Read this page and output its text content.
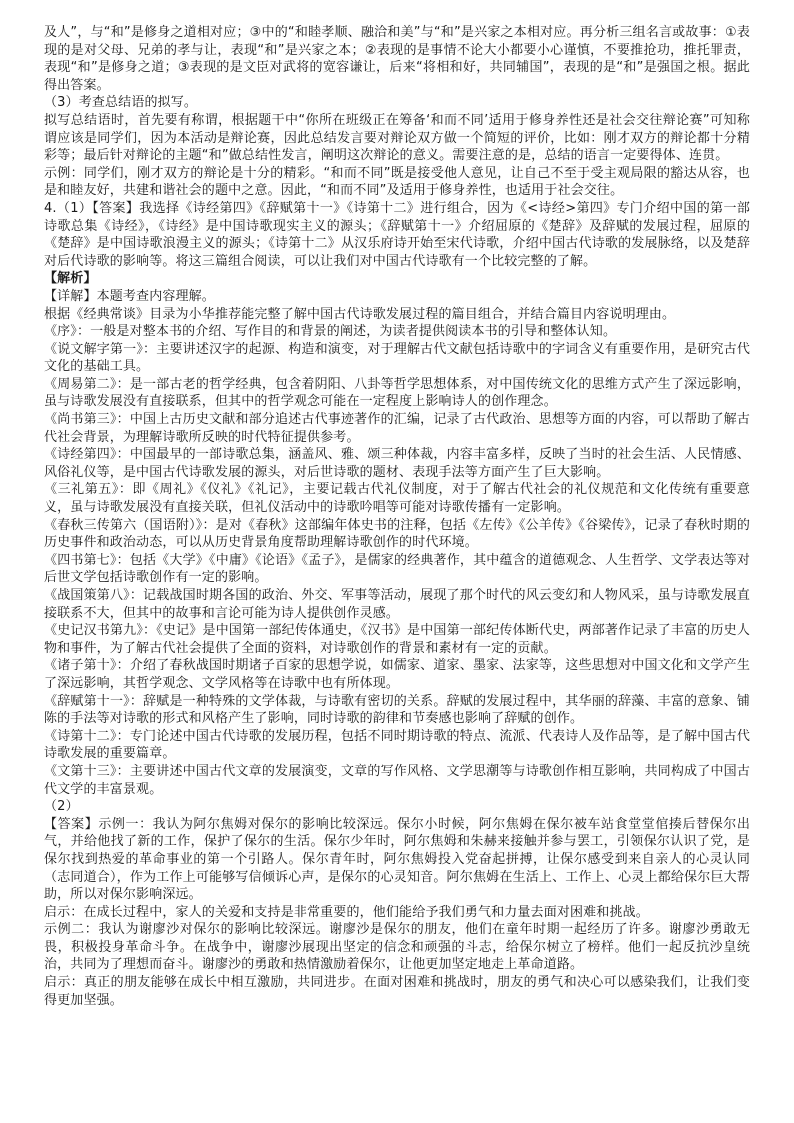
及人”，与“和”是修身之道相对应；③中的“和睦孝顺、融洽和美”与“和”是兴家之本相对应。再分析三组名言或故事：①表现的是对父母、兄弟的孝与让，表现“和”是兴家之本；②表现的是事情不论大小都要小心谨慎，不要推抢功，推托罪责，表现“和”是修身之道；③表现的是文臣对武将的宽容谦让，后来“将相和好，共同辅国”，表现的是“和”是强国之根。据此得出答案。

（3）考查总结语的拟写。

拟写总结语时，首先要有称谓，根据题干中“你所在班级正在筹备‘和而不同’适用于修身养性还是社会交往辩论赛”可知称谓应该是同学们，因为本活动是辩论赛，因此总结发言要对辩论双方做一个简短的评价，比如：刚才双方的辩论都十分精彩等；最后针对辩论的主题“和”做总结性发言，阐明这次辩论的意义。需要注意的是，总结的语言一定要得体、连贯。

示例：同学们，刚才双方的辩论是十分的精彩。“和而不同”既是接受他人意见，让自己不至于受主观局限的豁达从容，也是和睦友好，共建和谐社会的题中之意。因此，“和而不同”及适用于修身养性，也适用于社会交往。

4.（1）【答案】我选择《诗经第四》《辞赋第十一》《诗第十二》进行组合，因为《<诗经>第四》专门介绍中国的第一部诗歌总集《诗经》，《诗经》是中国诗歌现实主义的源头；《辞赋第十一》介绍屈原的《楚辞》及辞赋的发展过程，屈原的《楚辞》是中国诗歌浪漫主义的源头；《诗第十二》从汉乐府诗开始至宋代诗歌，介绍中国古代诗歌的发展脉络，以及楚辞对后代诗歌的影响等。将这三篇组合阅读，可以让我们对中国古代诗歌有一个比较完整的了解。

【解析】

【详解】本题考查内容理解。

根据《经典常谈》目录为小华推荐能完整了解中国古代诗歌发展过程的篇目组合，并结合篇目内容说明理由。

《序》：一般是对整本书的介绍、写作目的和背景的阐述，为读者提供阅读本书的引导和整体认知。

《说文解字第一》：主要讲述汉字的起源、构造和演变，对于理解古代文献包括诗歌中的字词含义有重要作用，是研究古代文化的基础工具。

《周易第二》：是一部古老的哲学经典，包含着阴阳、八卦等哲学思想体系，对中国传统文化的思维方式产生了深远影响，虽与诗歌发展没有直接联系，但其中的哲学观念可能在一定程度上影响诗人的创作理念。

《尚书第三》：中国上古历史文献和部分追述古代事迹著作的汇编，记录了古代政治、思想等方面的内容，可以帮助了解古代社会背景，为理解诗歌所反映的时代特征提供参考。

《诗经第四》：中国最早的一部诗歌总集，涵盖风、雅、颂三种体裁，内容丰富多样，反映了当时的社会生活、人民情感、风俗礼仪等，是中国古代诗歌发展的源头，对后世诗歌的题材、表现手法等方面产生了巨大影响。

《三礼第五》：即《周礼》《仪礼》《礼记》，主要记载古代礼仪制度，对于了解古代社会的礼仪规范和文化传统有重要意义，虽与诗歌发展没有直接关联，但礼仪活动中的诗歌吟唱等可能对诗歌传播有一定影响。

《春秋三传第六（国语附）》：是对《春秋》这部编年体史书的注释，包括《左传》《公羊传》《谷梁传》，记录了春秋时期的历史事件和政治动态，可以从历史背景角度帮助理解诗歌创作的时代环境。

《四书第七》：包括《大学》《中庸》《论语》《孟子》，是儒家的经典著作，其中蕴含的道德观念、人生哲学、文学表达等对后世文学包括诗歌创作有一定的影响。

《战国策第八》：记载战国时期各国的政治、外交、军事等活动，展现了那个时代的风云变幻和人物风采，虽与诗歌发展直接联系不大，但其中的故事和言论可能为诗人提供创作灵感。

《史记汉书第九》：《史记》是中国第一部纪传体通史，《汉书》是中国第一部纪传体断代史，两部著作记录了丰富的历史人物和事件，为了解古代社会提供了全面的资料，对诗歌创作的背景和素材有一定的贡献。

《诸子第十》：介绍了春秋战国时期诸子百家的思想学说，如儒家、道家、墨家、法家等，这些思想对中国文化和文学产生了深远影响，其哲学观念、文学风格等在诗歌中也有所体现。

《辞赋第十一》：辞赋是一种特殊的文学体裁，与诗歌有密切的关系。辞赋的发展过程中，其华丽的辞藻、丰富的意象、铺陈的手法等对诗歌的形式和风格产生了影响，同时诗歌的韵律和节奏感也影响了辞赋的创作。

《诗第十二》：专门论述中国古代诗歌的发展历程，包括不同时期诗歌的特点、流派、代表诗人及作品等，是了解中国古代诗歌发展的重要篇章。

《文第十三》：主要讲述中国古代文章的发展演变，文章的写作风格、文学思潮等与诗歌创作相互影响，共同构成了中国古代文学的丰富景观。

（2）

【答案】示例一：我认为阿尔焦姆对保尔的影响比较深远。保尔小时候，阿尔焦姆在保尔被车站食堂堂倌揍后替保尔出气，并给他找了新的工作，保护了保尔的生活。保尔少年时，阿尔焦姆和朱赫来接触并参与罢工，引领保尔认识了党，是保尔找到热爱的革命事业的第一个引路人。保尔青年时，阿尔焦姆投入党奋起拼搏，让保尔感受到来自亲人的心灵认同（志同道合），作为工作上可能够写信倾诉心声，是保尔的心灵知音。阿尔焦姆在生活上、工作上、心灵上都给保尔巨大帮助，所以对保尔影响深远。

启示：在成长过程中，家人的关爱和支持是非常重要的，他们能给予我们勇气和力量去面对困难和挑战。

示例二：我认为谢廖沙对保尔的影响比较深远。谢廖沙是保尔的朋友，他们在童年时期一起经历了许多。谢廖沙勇敢无畏，积极投身革命斗争。在战争中，谢廖沙展现出坚定的信念和顽强的斗志，给保尔树立了榜样。他们一起反抗沙皇统治，共同为了理想而奋斗。谢廖沙的勇敢和热情激励着保尔，让他更加坚定地走上革命道路。

启示：真正的朋友能够在成长中相互激励，共同进步。在面对困难和挑战时，朋友的勇气和决心可以感染我们，让我们变得更加坚强。
